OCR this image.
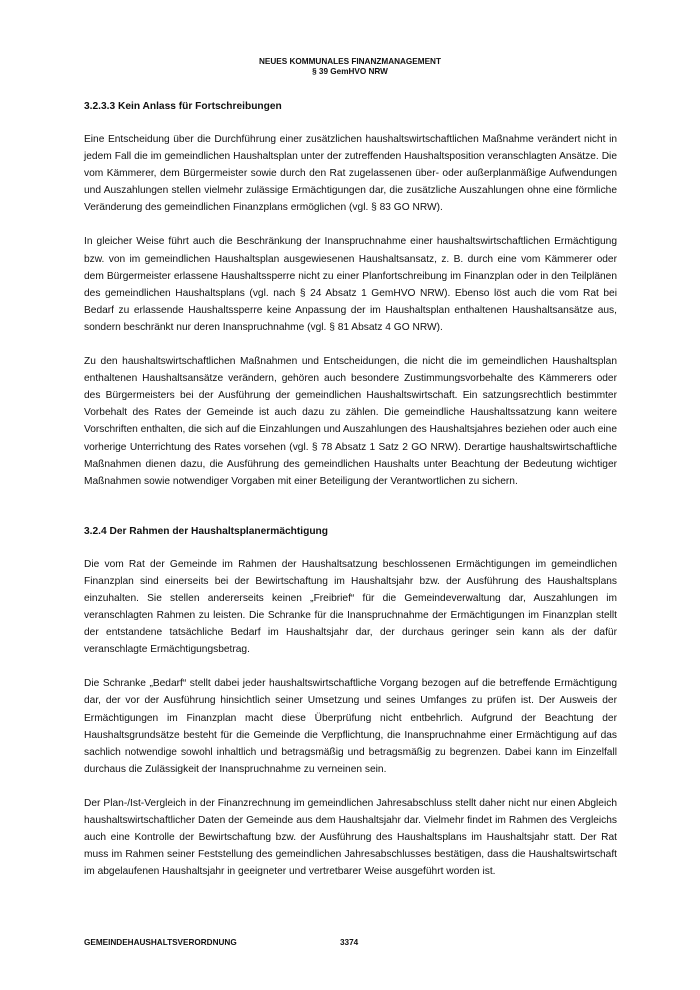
NEUES KOMMUNALES FINANZMANAGEMENT
§ 39 GemHVO NRW
3.2.3.3 Kein Anlass für Fortschreibungen

Eine Entscheidung über die Durchführung einer zusätzlichen haushaltswirtschaftlichen Maßnahme verändert nicht in jedem Fall die im gemeindlichen Haushaltsplan unter der zutreffenden Haushaltsposition veranschlagten Ansätze. Die vom Kämmerer, dem Bürgermeister sowie durch den Rat zugelassenen über- oder außerplanmäßige Aufwendungen und Auszahlungen stellen vielmehr zulässige Ermächtigungen dar, die zusätzliche Auszahlungen ohne eine förmliche Veränderung des gemeindlichen Finanzplans ermöglichen (vgl. § 83 GO NRW).

In gleicher Weise führt auch die Beschränkung der Inanspruchnahme einer haushaltswirtschaftlichen Ermächtigung bzw. von im gemeindlichen Haushaltsplan ausgewiesenen Haushaltsansatz, z. B. durch eine vom Kämmerer oder dem Bürgermeister erlassene Haushaltssperre nicht zu einer Planfortschreibung im Finanzplan oder in den Teilplänen des gemeindlichen Haushaltsplans (vgl. nach § 24 Absatz 1 GemHVO NRW). Ebenso löst auch die vom Rat bei Bedarf zu erlassende Haushaltssperre keine Anpassung der im Haushaltsplan enthaltenen Haushaltsansätze aus, sondern beschränkt nur deren Inanspruchnahme (vgl. § 81 Absatz 4 GO NRW).

Zu den haushaltswirtschaftlichen Maßnahmen und Entscheidungen, die nicht die im gemeindlichen Haushaltsplan enthaltenen Haushaltsansätze verändern, gehören auch besondere Zustimmungsvorbehalte des Kämmerers oder des Bürgermeisters bei der Ausführung der gemeindlichen Haushaltswirtschaft. Ein satzungsrechtlich bestimmter Vorbehalt des Rates der Gemeinde ist auch dazu zu zählen. Die gemeindliche Haushaltssatzung kann weitere Vorschriften enthalten, die sich auf die Einzahlungen und Auszahlungen des Haushaltsjahres beziehen oder auch eine vorherige Unterrichtung des Rates vorsehen (vgl. § 78 Absatz 1 Satz 2 GO NRW). Derartige haushaltswirtschaftliche Maßnahmen dienen dazu, die Ausführung des gemeindlichen Haushalts unter Beachtung der Bedeutung wichtiger Maßnahmen sowie notwendiger Vorgaben mit einer Beteiligung der Verantwortlichen zu sichern.

3.2.4 Der Rahmen der Haushaltsplanermächtigung

Die vom Rat der Gemeinde im Rahmen der Haushaltsatzung beschlossenen Ermächtigungen im gemeindlichen Finanzplan sind einerseits bei der Bewirtschaftung im Haushaltsjahr bzw. der Ausführung des Haushaltsplans einzuhalten. Sie stellen andererseits keinen „Freibrief“ für die Gemeindeverwaltung dar, Auszahlungen im veranschlagten Rahmen zu leisten. Die Schranke für die Inanspruchnahme der Ermächtigungen im Finanzplan stellt der entstandene tatsächliche Bedarf im Haushaltsjahr dar, der durchaus geringer sein kann als der dafür veranschlagte Ermächtigungsbetrag.

Die Schranke „Bedarf“ stellt dabei jeder haushaltswirtschaftliche Vorgang bezogen auf die betreffende Ermächtigung dar, der vor der Ausführung hinsichtlich seiner Umsetzung und seines Umfanges zu prüfen ist. Der Ausweis der Ermächtigungen im Finanzplan macht diese Überprüfung nicht entbehrlich. Aufgrund der Beachtung der Haushaltsgrundsätze besteht für die Gemeinde die Verpflichtung, die Inanspruchnahme einer Ermächtigung auf das sachlich notwendige sowohl inhaltlich und betragsmäßig und betragsmäßig zu begrenzen. Dabei kann im Einzelfall durchaus die Zulässigkeit der Inanspruchnahme zu verneinen sein.

Der Plan-/Ist-Vergleich in der Finanzrechnung im gemeindlichen Jahresabschluss stellt daher nicht nur einen Abgleich haushaltswirtschaftlicher Daten der Gemeinde aus dem Haushaltsjahr dar. Vielmehr findet im Rahmen des Vergleichs auch eine Kontrolle der Bewirtschaftung bzw. der Ausführung des Haushaltsplans im Haushaltsjahr statt. Der Rat muss im Rahmen seiner Feststellung des gemeindlichen Jahresabschlusses bestätigen, dass die Haushaltswirtschaft im abgelaufenen Haushaltsjahr in geeigneter und vertretbarer Weise ausgeführt worden ist.

GEMEINDEHAUSHALTSVERORDNUNG	3374
